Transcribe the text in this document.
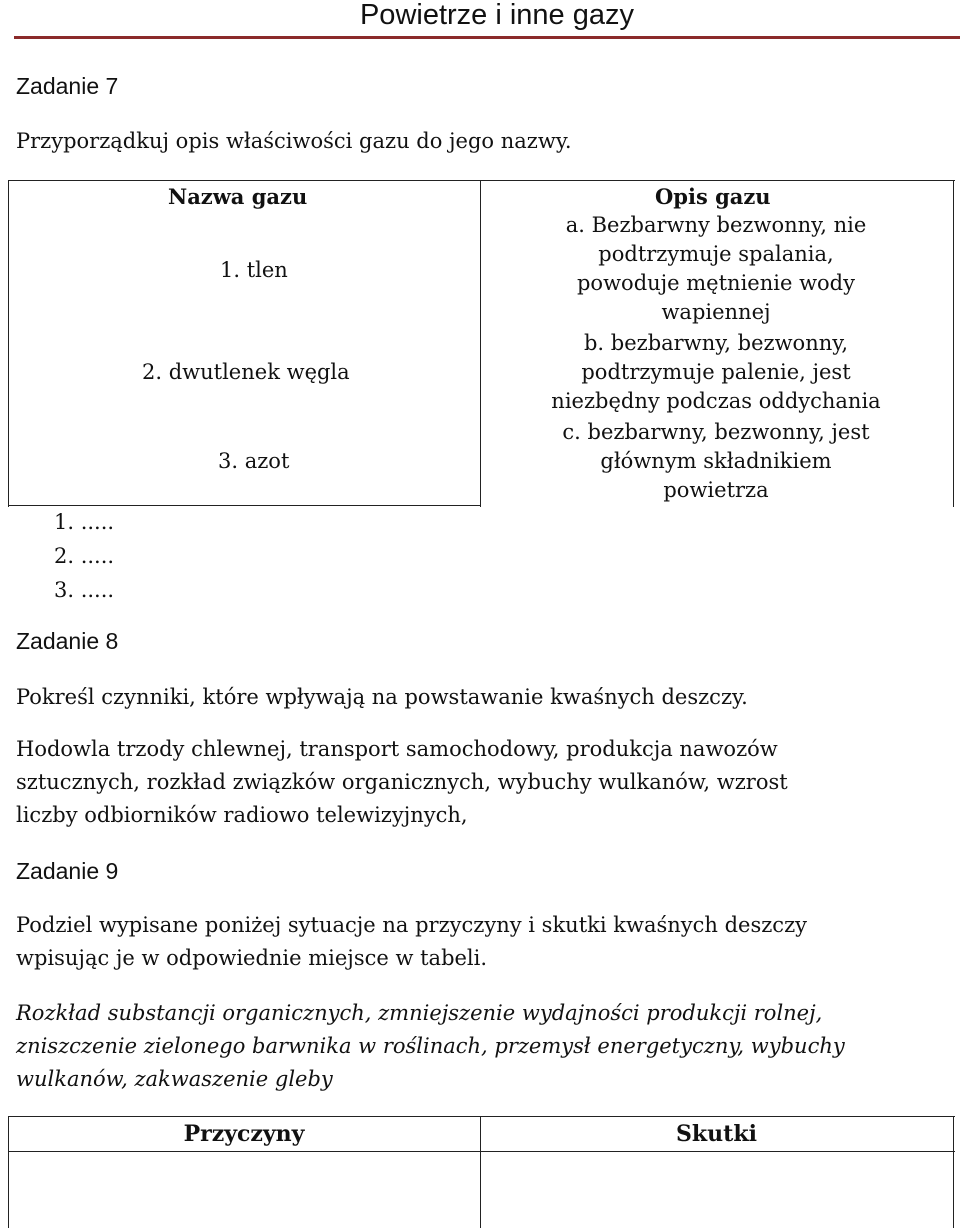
Powietrze i inne gazy
Zadanie 7
Przyporządkuj opis właściwości gazu do jego nazwy.
Nazwa gazu	Opis gazu
1. tlen
2. dwutlenek węgla
3. azot
a. Bezbarwny bezwonny, nie
podtrzymuje spalania,
powoduje mętnienie wody
wapiennej
b. bezbarwny, bezwonny,
podtrzymuje palenie, jest
niezbędny podczas oddychania
c. bezbarwny, bezwonny, jest
głównym składnikiem
powietrza
1. .....
2. .....
3. .....
Zadanie 8
Pokreśl czynniki, które wpływają na powstawanie kwaśnych deszczy.
Hodowla trzody chlewnej, transport samochodowy, produkcja nawozów
sztucznych, rozkład związków organicznych, wybuchy wulkanów, wzrost
liczby odbiorników radiowo telewizyjnych,
Zadanie 9
Podziel wypisane poniżej sytuacje na przyczyny i skutki kwaśnych deszczy
wpisując je w odpowiednie miejsce w tabeli.
Rozkład substancji organicznych, zmniejszenie wydajności produkcji rolnej,
zniszczenie zielonego barwnika w roślinach, przemysł energetyczny, wybuchy
wulkanów, zakwaszenie gleby
Przyczyny	Skutki
